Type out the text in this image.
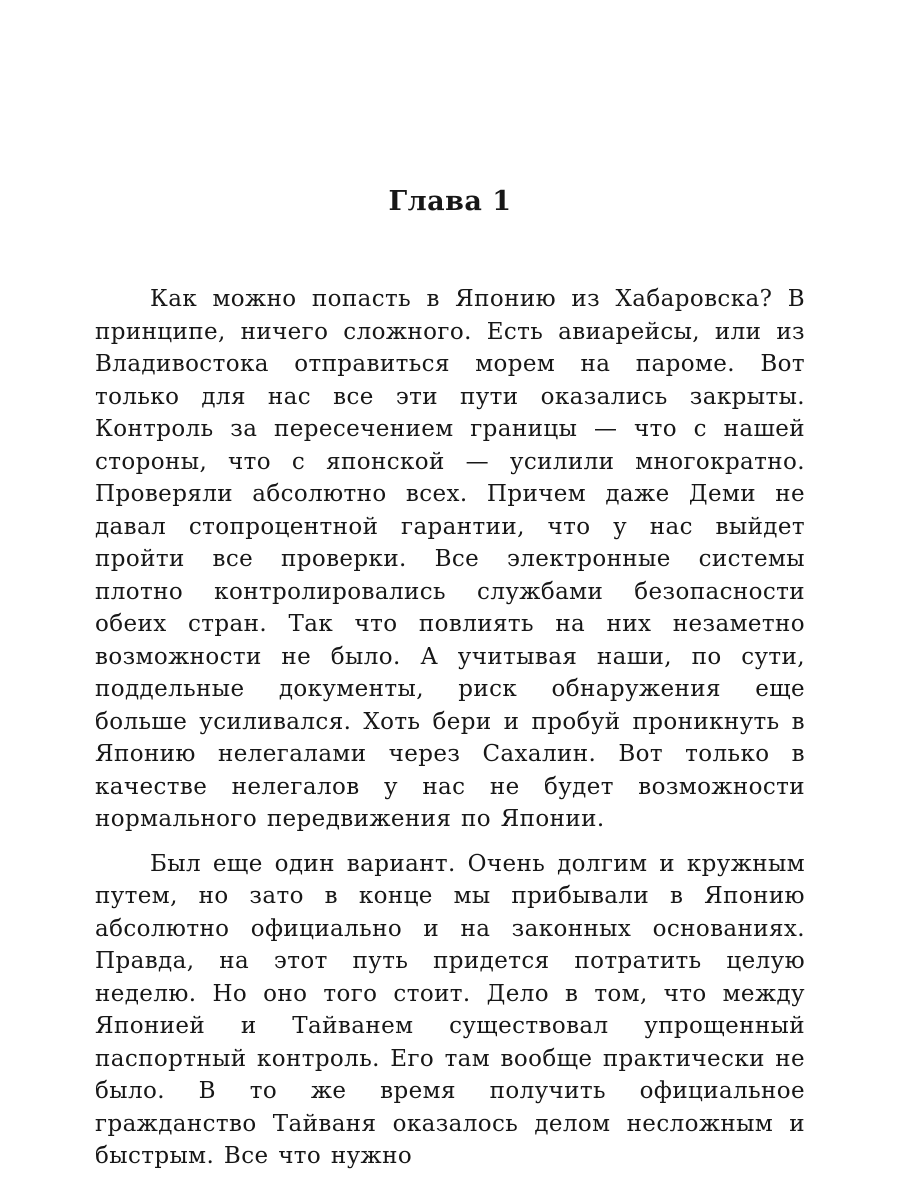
Глава 1

Как можно попасть в Японию из Хабаровска? В принципе, ничего сложного. Есть авиарейсы, или из Владивостока отправиться морем на пароме. Вот только для нас все эти пути оказались закрыты. Контроль за пересечением границы — что с нашей стороны, что с японской — усилили многократно. Проверяли абсолютно всех. Причем даже Деми не давал стопроцентной гарантии, что у нас выйдет пройти все проверки. Все электронные системы плотно контролировались службами безопасности обеих стран. Так что повлиять на них незаметно возможности не было. А учитывая наши, по сути, поддельные документы, риск обнаружения еще больше усиливался. Хоть бери и пробуй проникнуть в Японию нелегалами через Сахалин. Вот только в качестве нелегалов у нас не будет возможности нормального передвижения по Японии.

Был еще один вариант. Очень долгим и кружным путем, но зато в конце мы прибывали в Японию абсолютно официально и на законных основаниях. Правда, на этот путь придется потратить целую неделю. Но оно того стоит. Дело в том, что между Японией и Тайванем существовал упрощенный паспортный контроль. Его там вообще практически не было. В то же время получить официальное гражданство Тайваня оказалось делом несложным и быстрым. Все что нужно
